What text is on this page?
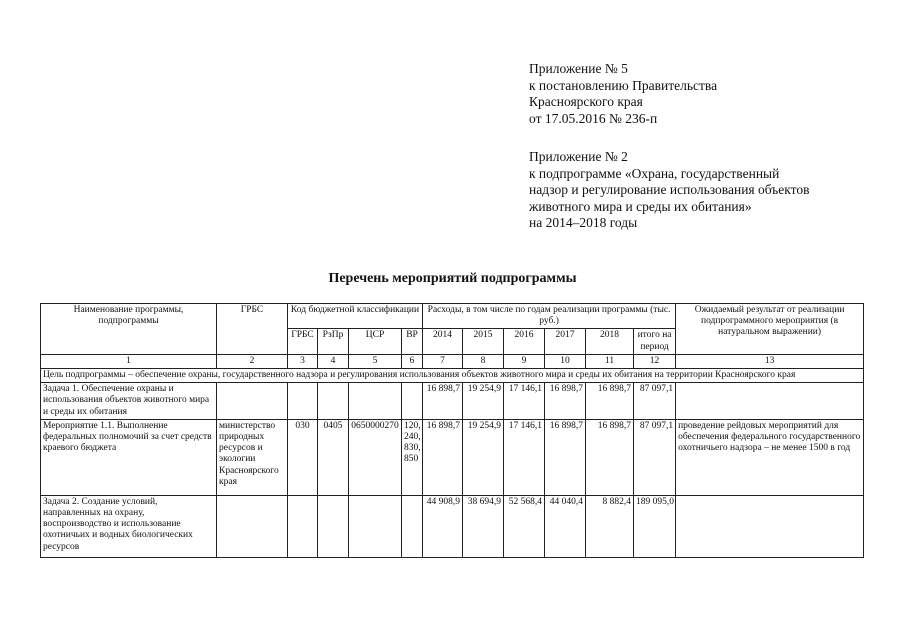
Приложение № 5
к постановлению Правительства
Красноярского края
от 17.05.2016 № 236-п
Приложение № 2
к подпрограмме «Охрана, государственный
надзор и регулирование использования объектов
животного мира и среды их обитания»
на 2014–2018 годы
Перечень мероприятий подпрограммы
Наименование программы, подпрограммы	ГРБС	Код бюджетной классификации				Расходы, в том числе по годам реализации программы (тыс. руб.)						Ожидаемый результат от реализации подпрограммного мероприятия (в натуральном выражении)
		ГРБС	РзПр	ЦСР	ВР	2014	2015	2016	2017	2018	итого на период	
1	2	3	4	5	6	7	8	9	10	11	12	13
Цель подпрограммы – обеспечение охраны, государственного надзора и регулирования использования объектов животного мира и среды их обитания на территории Красноярского края												
Задача 1. Обеспечение охраны и использования объектов животного мира и среды их обитания						16 898,7	19 254,9	17 146,1	16 898,7	16 898,7	87 097,1	
Мероприятие 1.1. Выполнение федеральных полномочий за счет средств краевого бюджета	министерство природных ресурсов и экологии Красноярского края	030	0405	0650000270	120, 240, 830, 850	16 898,7	19 254,9	17 146,1	16 898,7	16 898,7	87 097,1	проведение рейдовых мероприятий для обеспечения федерального государственного охотничьего надзора – не менее 1500 в год
Задача 2. Создание условий, направленных на охрану, воспроизводство и использование охотничьих и водных биологических ресурсов						44 908,9	38 694,9	52 568,4	44 040,4	8 882,4	189 095,0	
